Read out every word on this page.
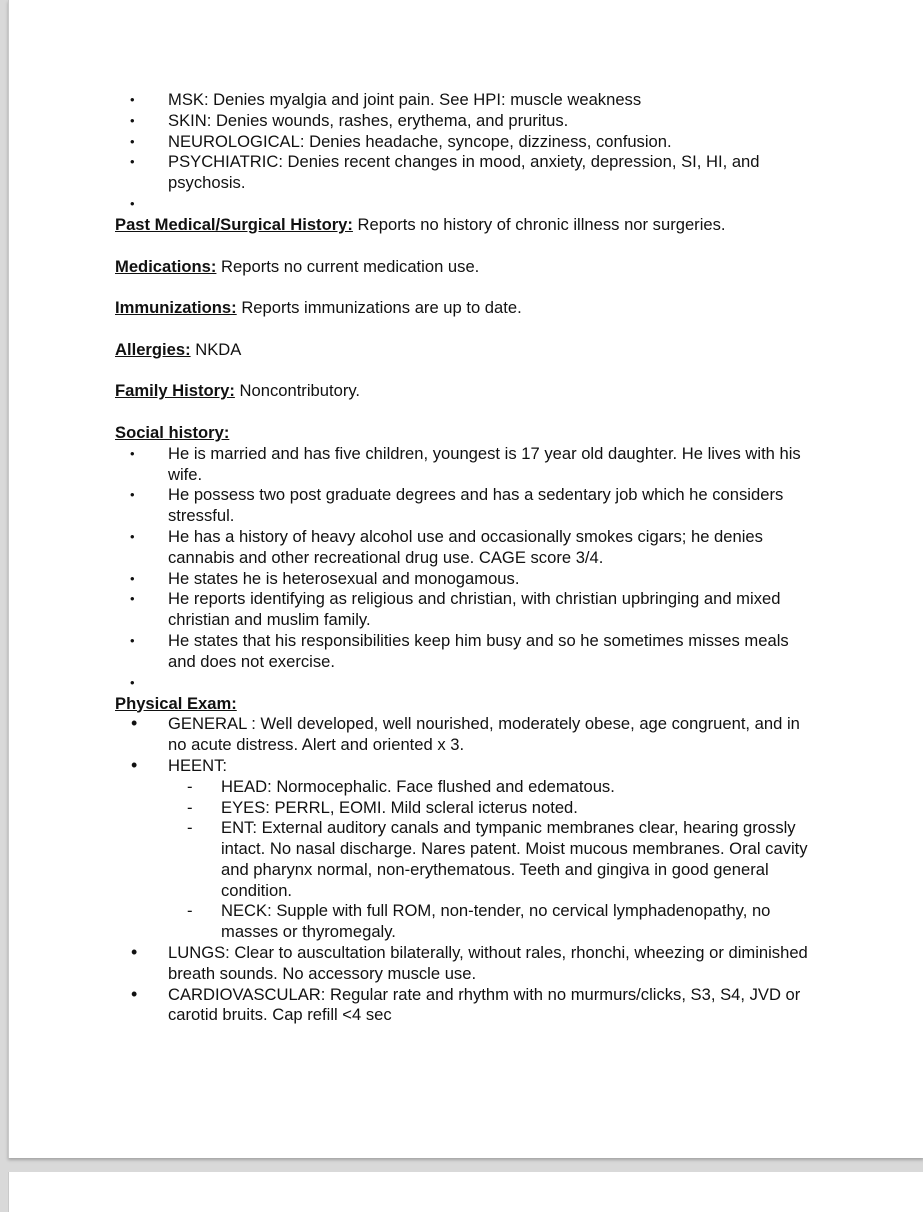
• MSK: Denies myalgia and joint pain. See HPI: muscle weakness
• SKIN: Denies wounds, rashes, erythema, and pruritus.
• NEUROLOGICAL: Denies headache, syncope, dizziness, confusion.
• PSYCHIATRIC: Denies recent changes in mood, anxiety, depression, SI, HI, and psychosis.
•

Past Medical/Surgical History: Reports no history of chronic illness nor surgeries.

Medications: Reports no current medication use.

Immunizations: Reports immunizations are up to date.

Allergies: NKDA

Family History: Noncontributory.

Social history:

• He is married and has five children, youngest is 17 year old daughter. He lives with his wife.
• He possess two post graduate degrees and has a sedentary job which he considers stressful.
• He has a history of heavy alcohol use and occasionally smokes cigars; he denies cannabis and other recreational drug use. CAGE score 3/4.
• He states he is heterosexual and monogamous.
• He reports identifying as religious and christian, with christian upbringing and mixed christian and muslim family.
• He states that his responsibilities keep him busy and so he sometimes misses meals and does not exercise.
•

Physical Exam:

• GENERAL : Well developed, well nourished, moderately obese, age congruent, and in no acute distress. Alert and oriented x 3.
• HEENT:
- HEAD: Normocephalic. Face flushed and edematous.
- EYES: PERRL, EOMI. Mild scleral icterus noted.
- ENT: External auditory canals and tympanic membranes clear, hearing grossly intact. No nasal discharge. Nares patent. Moist mucous membranes. Oral cavity and pharynx normal, non-erythematous. Teeth and gingiva in good general condition.
- NECK: Supple with full ROM, non-tender, no cervical lymphadenopathy, no masses or thyromegaly.
• LUNGS: Clear to auscultation bilaterally, without rales, rhonchi, wheezing or diminished breath sounds. No accessory muscle use.
• CARDIOVASCULAR: Regular rate and rhythm with no murmurs/clicks, S3, S4, JVD or carotid bruits. Cap refill <4 sec
